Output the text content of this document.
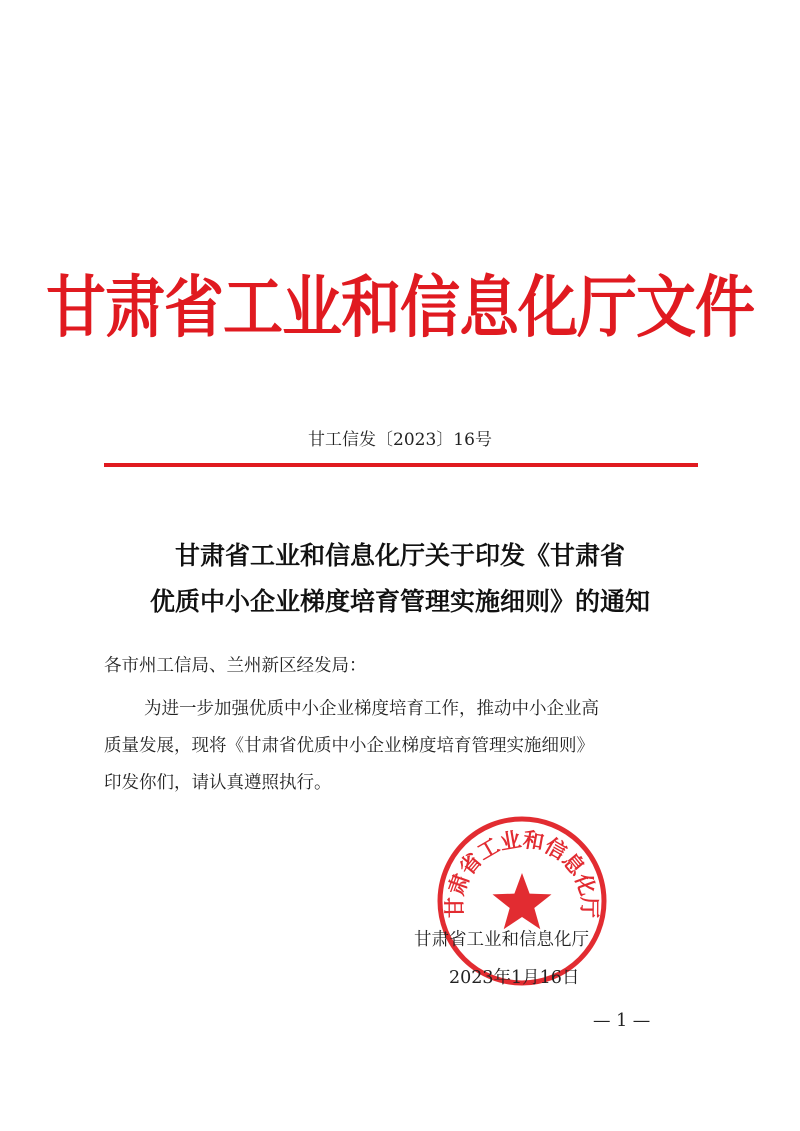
甘肃省工业和信息化厅文件
甘工信发〔2023〕16号
甘肃省工业和信息化厅关于印发《甘肃省
优质中小企业梯度培育管理实施细则》的通知
各市州工信局、兰州新区经发局：
为进一步加强优质中小企业梯度培育工作，推动中小企业高
质量发展，现将《甘肃省优质中小企业梯度培育管理实施细则》
印发你们，请认真遵照执行。
甘肃省工业和信息化厅
甘肃省工业和信息化厅
2023年1月16日
— 1 —
